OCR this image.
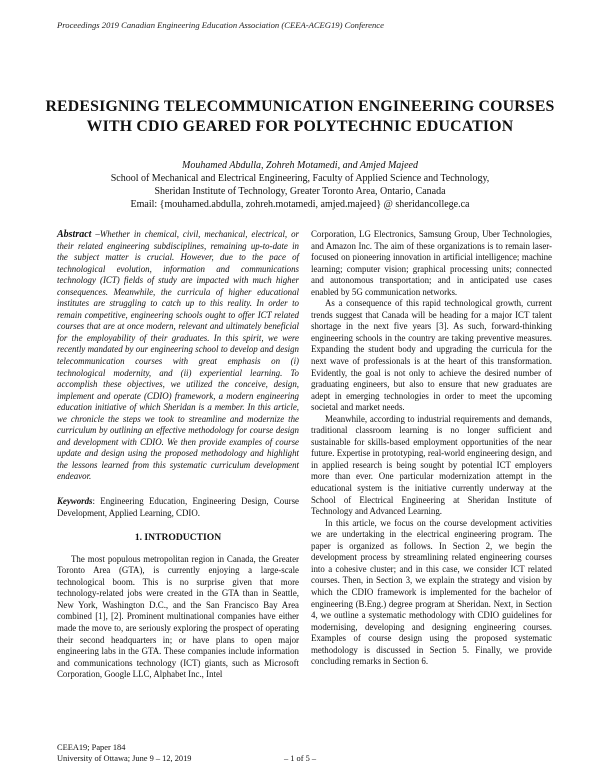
Proceedings 2019 Canadian Engineering Education Association (CEEA-ACEG19) Conference
REDESIGNING TELECOMMUNICATION ENGINEERING COURSES
WITH CDIO GEARED FOR POLYTECHNIC EDUCATION
Mouhamed Abdulla, Zohreh Motamedi, and Amjed Majeed
School of Mechanical and Electrical Engineering, Faculty of Applied Science and Technology,
Sheridan Institute of Technology, Greater Toronto Area, Ontario, Canada
Email: {mouhamed.abdulla, zohreh.motamedi, amjed.majeed} @ sheridancollege.ca

Abstract –Whether in chemical, civil, mechanical, electrical, or their related engineering subdisciplines, remaining up-to-date in the subject matter is crucial. However, due to the pace of technological evolution, information and communications technology (ICT) fields of study are impacted with much higher consequences. Meanwhile, the curricula of higher educational institutes are struggling to catch up to this reality. In order to remain competitive, engineering schools ought to offer ICT related courses that are at once modern, relevant and ultimately beneficial for the employability of their graduates. In this spirit, we were recently mandated by our engineering school to develop and design telecommunication courses with great emphasis on (i) technological modernity, and (ii) experiential learning. To accomplish these objectives, we utilized the conceive, design, implement and operate (CDIO) framework, a modern engineering education initiative of which Sheridan is a member. In this article, we chronicle the steps we took to streamline and modernize the curriculum by outlining an effective methodology for course design and development with CDIO. We then provide examples of course update and design using the proposed methodology and highlight the lessons learned from this systematic curriculum development endeavor.

Keywords: Engineering Education, Engineering Design, Course Development, Applied Learning, CDIO.

1. INTRODUCTION

The most populous metropolitan region in Canada, the Greater Toronto Area (GTA), is currently enjoying a large-scale technological boom. This is no surprise given that more technology-related jobs were created in the GTA than in Seattle, New York, Washington D.C., and the San Francisco Bay Area combined [1], [2]. Prominent multinational companies have either made the move to, are seriously exploring the prospect of operating their second headquarters in; or have plans to open major engineering labs in the GTA. These companies include information and communications technology (ICT) giants, such as Microsoft Corporation, Google LLC, Alphabet Inc., Intel

Corporation, LG Electronics, Samsung Group, Uber Technologies, and Amazon Inc. The aim of these organizations is to remain laser-focused on pioneering innovation in artificial intelligence; machine learning; computer vision; graphical processing units; connected and autonomous transportation; and in anticipated use cases enabled by 5G communication networks.

As a consequence of this rapid technological growth, current trends suggest that Canada will be heading for a major ICT talent shortage in the next five years [3]. As such, forward-thinking engineering schools in the country are taking preventive measures. Expanding the student body and upgrading the curricula for the next wave of professionals is at the heart of this transformation. Evidently, the goal is not only to achieve the desired number of graduating engineers, but also to ensure that new graduates are adept in emerging technologies in order to meet the upcoming societal and market needs.

Meanwhile, according to industrial requirements and demands, traditional classroom learning is no longer sufficient and sustainable for skills-based employment opportunities of the near future. Expertise in prototyping, real-world engineering design, and in applied research is being sought by potential ICT employers more than ever. One particular modernization attempt in the educational system is the initiative currently underway at the School of Electrical Engineering at Sheridan Institute of Technology and Advanced Learning.

In this article, we focus on the course development activities we are undertaking in the electrical engineering program. The paper is organized as follows. In Section 2, we begin the development process by streamlining related engineering courses into a cohesive cluster; and in this case, we consider ICT related courses. Then, in Section 3, we explain the strategy and vision by which the CDIO framework is implemented for the bachelor of engineering (B.Eng.) degree program at Sheridan. Next, in Section 4, we outline a systematic methodology with CDIO guidelines for modernising, developing and designing engineering courses. Examples of course design using the proposed systematic methodology is discussed in Section 5. Finally, we provide concluding remarks in Section 6.

CEEA19; Paper 184
University of Ottawa; June 9 – 12, 2019	– 1 of 5 –
